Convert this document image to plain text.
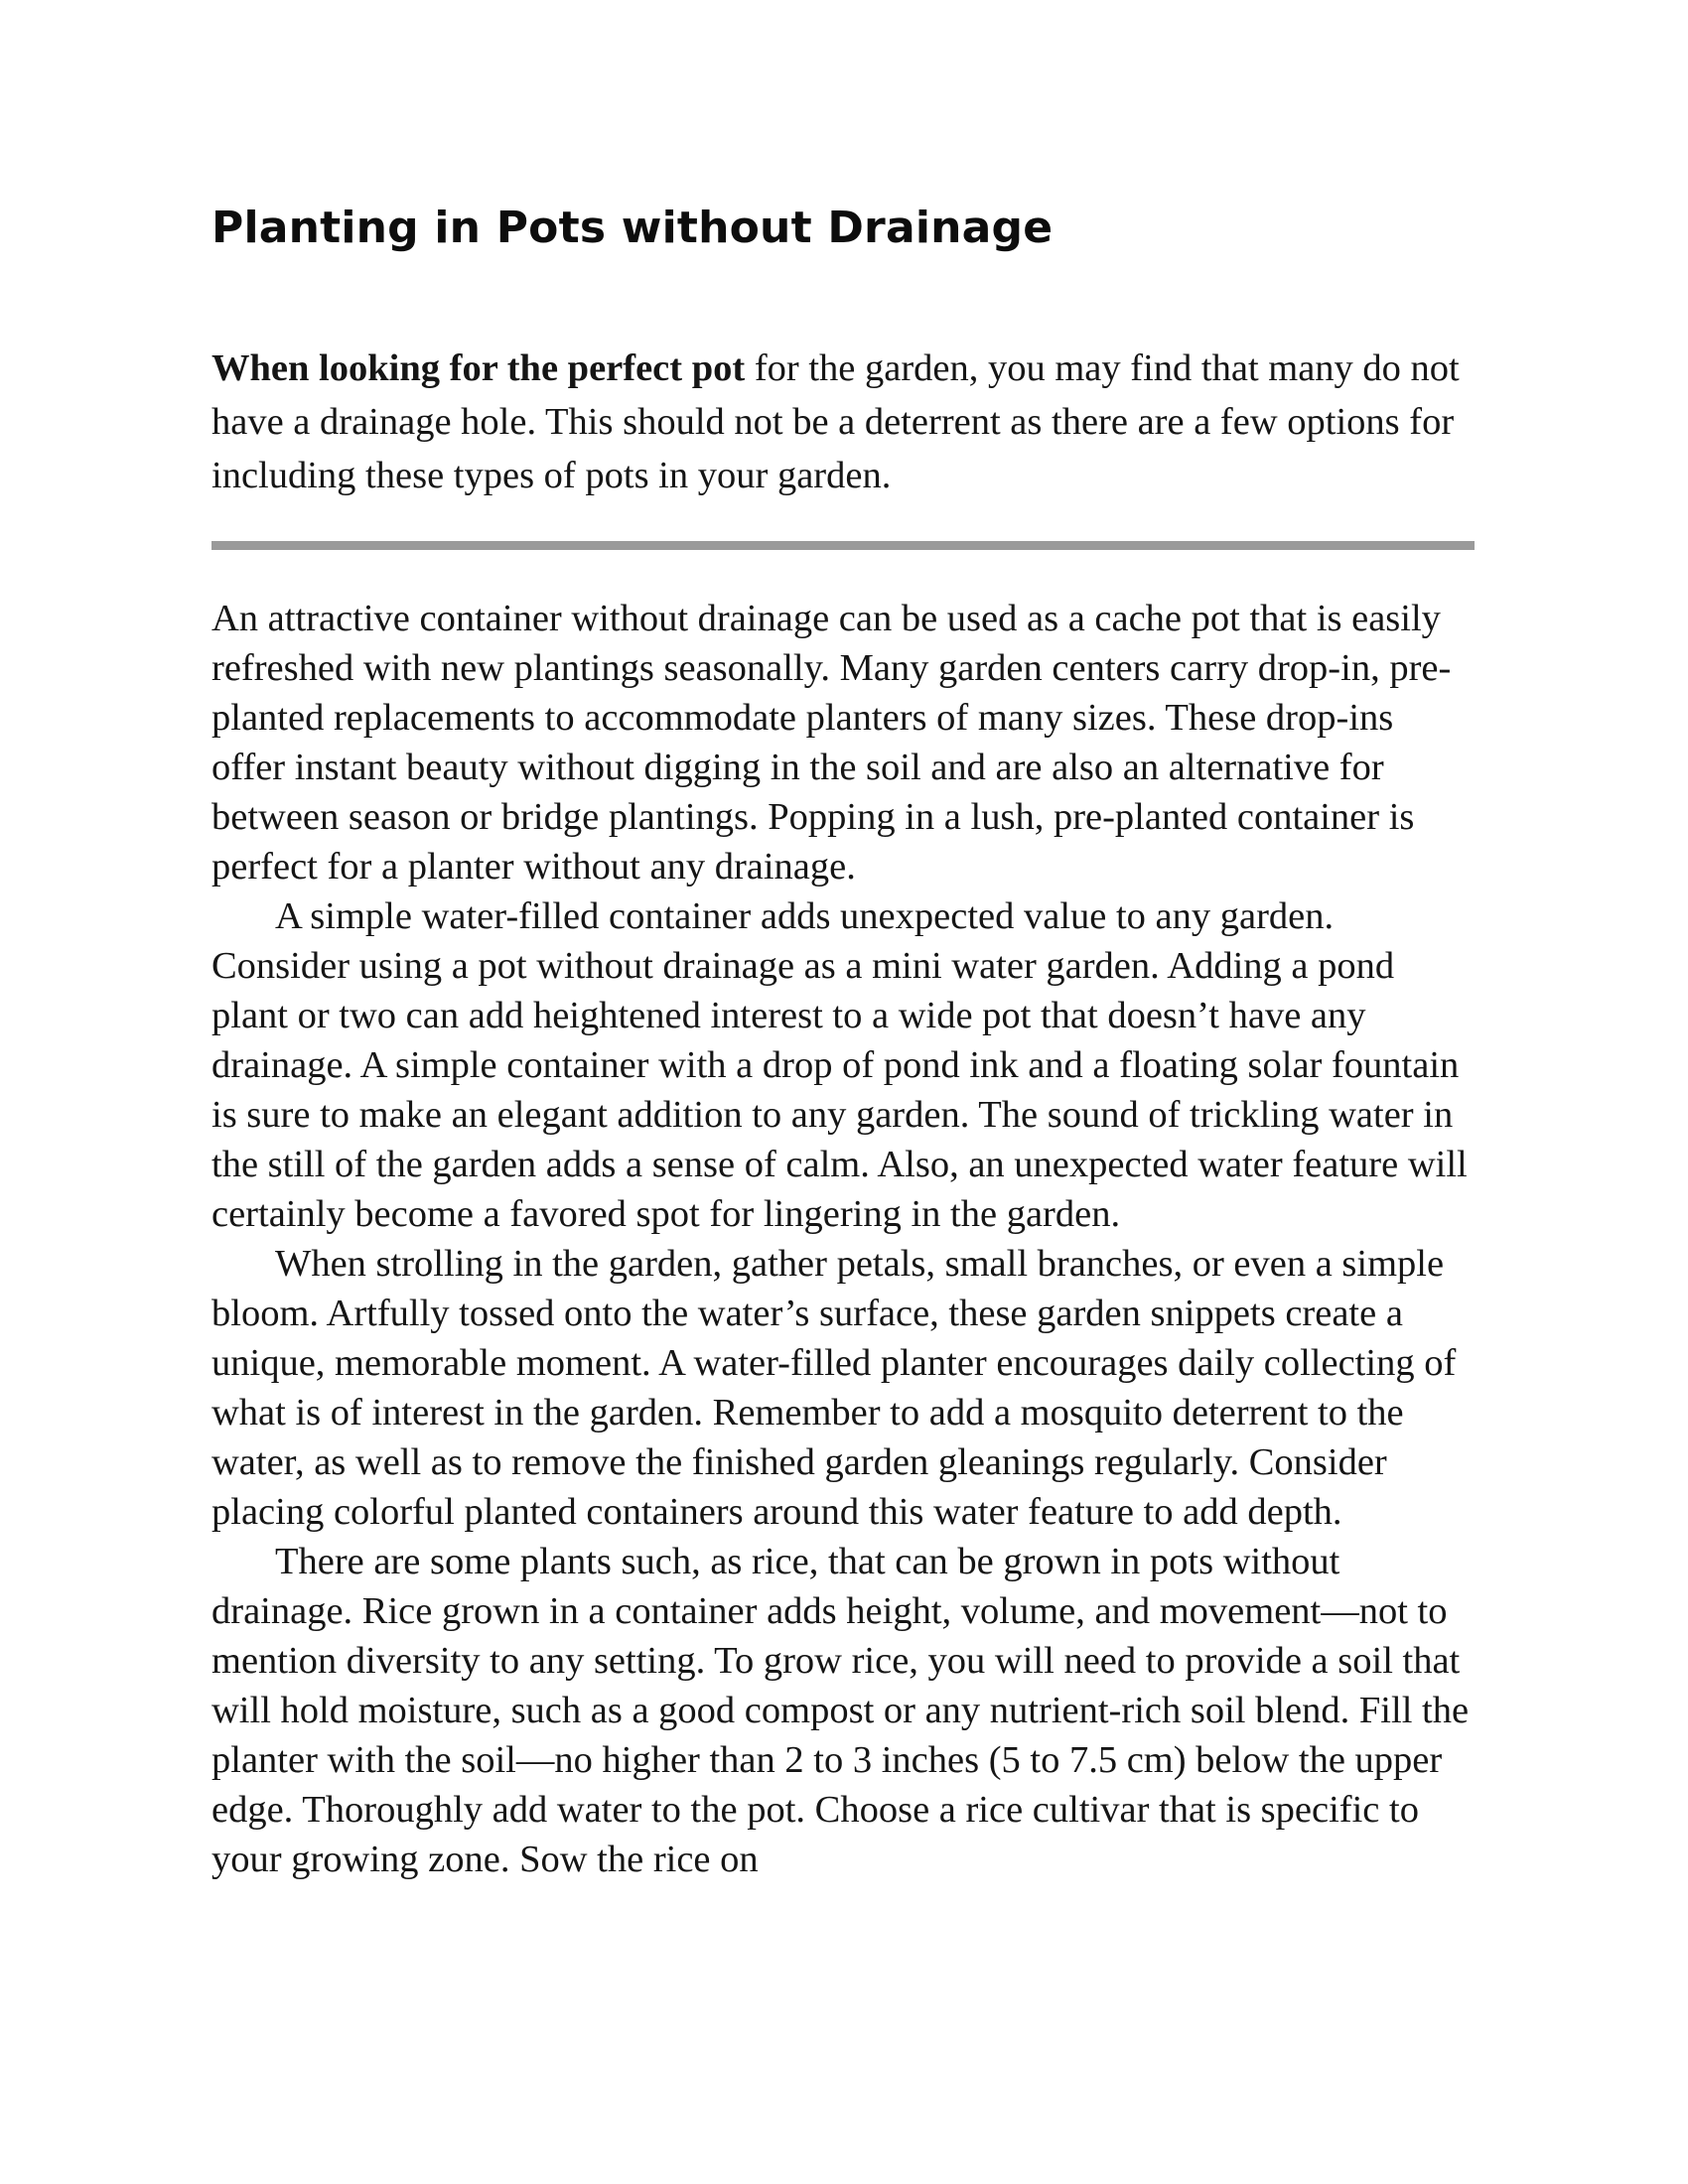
Planting in Pots without Drainage

When looking for the perfect pot for the garden, you may find that many do not have a drainage hole. This should not be a deterrent as there are a few options for including these types of pots in your garden.

An attractive container without drainage can be used as a cache pot that is easily refreshed with new plantings seasonally. Many garden centers carry drop-in, pre-planted replacements to accommodate planters of many sizes. These drop-ins offer instant beauty without digging in the soil and are also an alternative for between season or bridge plantings. Popping in a lush, pre-planted container is perfect for a planter without any drainage.

A simple water-filled container adds unexpected value to any garden. Consider using a pot without drainage as a mini water garden. Adding a pond plant or two can add heightened interest to a wide pot that doesn’t have any drainage. A simple container with a drop of pond ink and a floating solar fountain is sure to make an elegant addition to any garden. The sound of trickling water in the still of the garden adds a sense of calm. Also, an unexpected water feature will certainly become a favored spot for lingering in the garden.

When strolling in the garden, gather petals, small branches, or even a simple bloom. Artfully tossed onto the water’s surface, these garden snippets create a unique, memorable moment. A water-filled planter encourages daily collecting of what is of interest in the garden. Remember to add a mosquito deterrent to the water, as well as to remove the finished garden gleanings regularly. Consider placing colorful planted containers around this water feature to add depth.

There are some plants such, as rice, that can be grown in pots without drainage. Rice grown in a container adds height, volume, and movement—not to mention diversity to any setting. To grow rice, you will need to provide a soil that will hold moisture, such as a good compost or any nutrient-rich soil blend. Fill the planter with the soil—no higher than 2 to 3 inches (5 to 7.5 cm) below the upper edge. Thoroughly add water to the pot. Choose a rice cultivar that is specific to your growing zone. Sow the rice on
